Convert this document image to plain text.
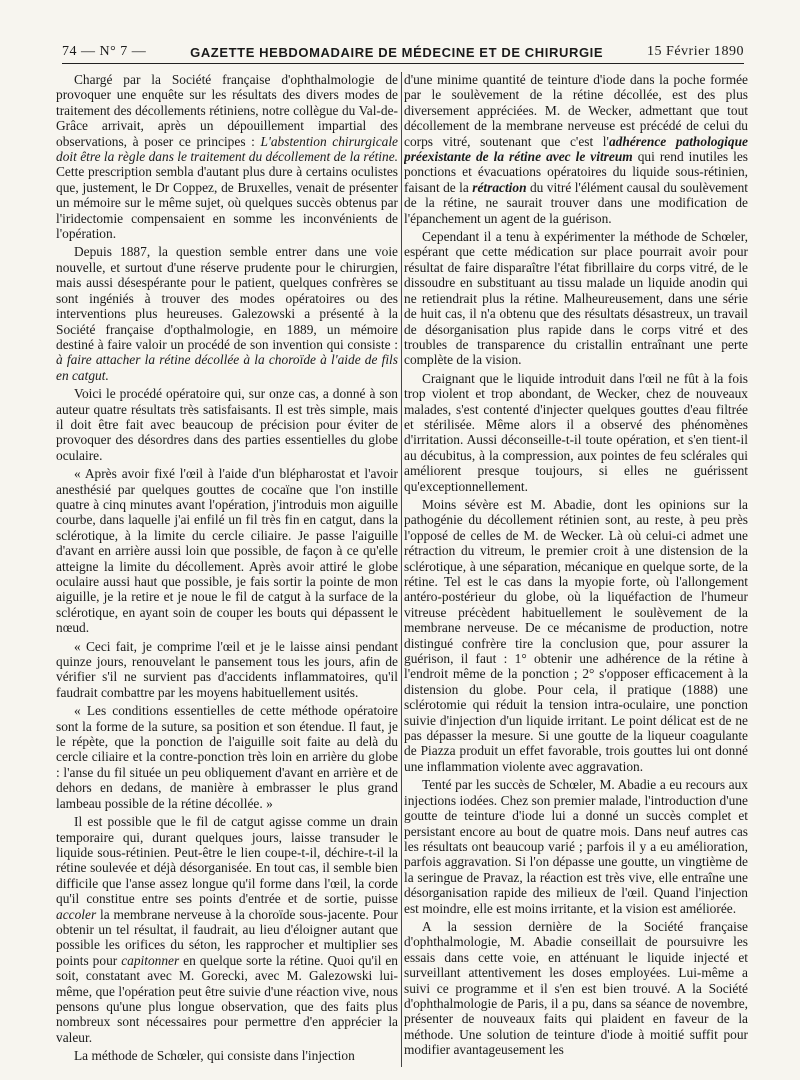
74 — N° 7 —	GAZETTE HEBDOMADAIRE DE MÉDECINE ET DE CHIRURGIE	15 Février 1890

Chargé par la Société française d'ophthalmologie de provoquer une enquête sur les résultats des divers modes de traitement des décollements rétiniens, notre collègue du Val-de-Grâce arrivait, après un dépouillement impartial des observations, à poser ce principes : L'abstention chirurgicale doit être la règle dans le traitement du décollement de la rétine. Cette prescription sembla d'autant plus dure à certains oculistes que, justement, le Dr Coppez, de Bruxelles, venait de présenter un mémoire sur le même sujet, où quelques succès obtenus par l'iridectomie compensaient en somme les inconvénients de l'opération.

Depuis 1887, la question semble entrer dans une voie nouvelle, et surtout d'une réserve prudente pour le chirurgien, mais aussi désespérante pour le patient, quelques confrères se sont ingéniés à trouver des modes opératoires ou des interventions plus heureuses. Galezowski a présenté à la Société française d'opthalmologie, en 1889, un mémoire destiné à faire valoir un procédé de son invention qui consiste : à faire attacher la rétine décollée à la choroïde à l'aide de fils en catgut.

Voici le procédé opératoire qui, sur onze cas, a donné à son auteur quatre résultats très satisfaisants. Il est très simple, mais il doit être fait avec beaucoup de précision pour éviter de provoquer des désordres dans des parties essentielles du globe oculaire.

« Après avoir fixé l'œil à l'aide d'un blépharostat et l'avoir anesthésié par quelques gouttes de cocaïne que l'on instille quatre à cinq minutes avant l'opération, j'introduis mon aiguille courbe, dans laquelle j'ai enfilé un fil très fin en catgut, dans la sclérotique, à la limite du cercle ciliaire. Je passe l'aiguille d'avant en arrière aussi loin que possible, de façon à ce qu'elle atteigne la limite du décollement. Après avoir attiré le globe oculaire aussi haut que possible, je fais sortir la pointe de mon aiguille, je la retire et je noue le fil de catgut à la surface de la sclérotique, en ayant soin de couper les bouts qui dépassent le nœud.

« Ceci fait, je comprime l'œil et je le laisse ainsi pendant quinze jours, renouvelant le pansement tous les jours, afin de vérifier s'il ne survient pas d'accidents inflammatoires, qu'il faudrait combattre par les moyens habituellement usités.

« Les conditions essentielles de cette méthode opératoire sont la forme de la suture, sa position et son étendue. Il faut, je le répète, que la ponction de l'aiguille soit faite au delà du cercle ciliaire et la contre-ponction très loin en arrière du globe : l'anse du fil située un peu obliquement d'avant en arrière et de dehors en dedans, de manière à embrasser le plus grand lambeau possible de la rétine décollée. »

Il est possible que le fil de catgut agisse comme un drain temporaire qui, durant quelques jours, laisse transuder le liquide sous-rétinien. Peut-être le lien coupe-t-il, déchire-t-il la rétine soulevée et déjà désorganisée. En tout cas, il semble bien difficile que l'anse assez longue qu'il forme dans l'œil, la corde qu'il constitue entre ses points d'entrée et de sortie, puisse accoler la membrane nerveuse à la choroïde sous-jacente. Pour obtenir un tel résultat, il faudrait, au lieu d'éloigner autant que possible les orifices du séton, les rapprocher et multiplier ses points pour capitonner en quelque sorte la rétine. Quoi qu'il en soit, constatant avec M. Gorecki, avec M. Galezowski lui-même, que l'opération peut être suivie d'une réaction vive, nous pensons qu'une plus longue observation, que des faits plus nombreux sont nécessaires pour permettre d'en apprécier la valeur.

La méthode de Schœler, qui consiste dans l'injection

d'une minime quantité de teinture d'iode dans la poche formée par le soulèvement de la rétine décollée, est des plus diversement appréciées. M. de Wecker, admettant que tout décollement de la membrane nerveuse est précédé de celui du corps vitré, soutenant que c'est l'adhérence pathologique préexistante de la rétine avec le vitreum qui rend inutiles les ponctions et évacuations opératoires du liquide sous-rétinien, faisant de la rétraction du vitré l'élément causal du soulèvement de la rétine, ne saurait trouver dans une modification de l'épanchement un agent de la guérison.

Cependant il a tenu à expérimenter la méthode de Schœler, espérant que cette médication sur place pourrait avoir pour résultat de faire disparaître l'état fibrillaire du corps vitré, de le dissoudre en substituant au tissu malade un liquide anodin qui ne retiendrait plus la rétine. Malheureusement, dans une série de huit cas, il n'a obtenu que des résultats désastreux, un travail de désorganisation plus rapide dans le corps vitré et des troubles de transparence du cristallin entraînant une perte complète de la vision.

Craignant que le liquide introduit dans l'œil ne fût à la fois trop violent et trop abondant, de Wecker, chez de nouveaux malades, s'est contenté d'injecter quelques gouttes d'eau filtrée et stérilisée. Même alors il a observé des phénomènes d'irritation. Aussi déconseille-t-il toute opération, et s'en tient-il au décubitus, à la compression, aux pointes de feu sclérales qui améliorent presque toujours, si elles ne guérissent qu'exceptionnellement.

Moins sévère est M. Abadie, dont les opinions sur la pathogénie du décollement rétinien sont, au reste, à peu près l'opposé de celles de M. de Wecker. Là où celui-ci admet une rétraction du vitreum, le premier croit à une distension de la sclérotique, à une séparation, mécanique en quelque sorte, de la rétine. Tel est le cas dans la myopie forte, où l'allongement antéro-postérieur du globe, où la liquéfaction de l'humeur vitreuse précèdent habituellement le soulèvement de la membrane nerveuse. De ce mécanisme de production, notre distingué confrère tire la conclusion que, pour assurer la guérison, il faut : 1° obtenir une adhérence de la rétine à l'endroit même de la ponction ; 2° s'opposer efficacement à la distension du globe. Pour cela, il pratique (1888) une sclérotomie qui réduit la tension intra-oculaire, une ponction suivie d'injection d'un liquide irritant. Le point délicat est de ne pas dépasser la mesure. Si une goutte de la liqueur coagulante de Piazza produit un effet favorable, trois gouttes lui ont donné une inflammation violente avec aggravation.

Tenté par les succès de Schœler, M. Abadie a eu recours aux injections iodées. Chez son premier malade, l'introduction d'une goutte de teinture d'iode lui a donné un succès complet et persistant encore au bout de quatre mois. Dans neuf autres cas les résultats ont beaucoup varié ; parfois il y a eu amélioration, parfois aggravation. Si l'on dépasse une goutte, un vingtième de la seringue de Pravaz, la réaction est très vive, elle entraîne une désorganisation rapide des milieux de l'œil. Quand l'injection est moindre, elle est moins irritante, et la vision est améliorée.

A la session dernière de la Société française d'ophthalmologie, M. Abadie conseillait de poursuivre les essais dans cette voie, en atténuant le liquide injecté et surveillant attentivement les doses employées. Lui-même a suivi ce programme et il s'en est bien trouvé. A la Société d'ophthalmologie de Paris, il a pu, dans sa séance de novembre, présenter de nouveaux faits qui plaident en faveur de la méthode. Une solution de teinture d'iode à moitié suffit pour modifier avantageusement les
